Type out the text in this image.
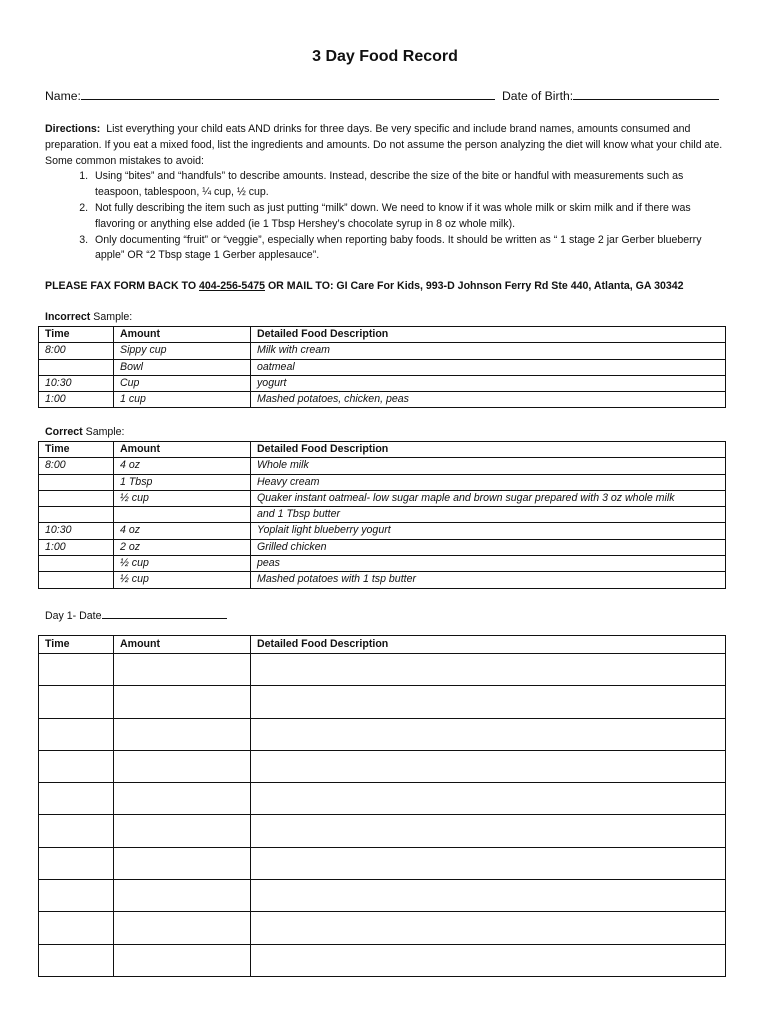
3 Day Food Record
Name:	Date of Birth:

Directions: List everything your child eats AND drinks for three days. Be very specific and include brand names, amounts consumed and preparation. If you eat a mixed food, list the ingredients and amounts. Do not assume the person analyzing the diet will know what your child ate. Some common mistakes to avoid:

1. Using “bites” and “handfuls” to describe amounts. Instead, describe the size of the bite or handful with measurements such as teaspoon, tablespoon, ¼ cup, ½ cup.
2. Not fully describing the item such as just putting “milk” down. We need to know if it was whole milk or skim milk and if there was flavoring or anything else added (ie 1 Tbsp Hershey’s chocolate syrup in 8 oz whole milk).
3. Only documenting “fruit” or “veggie”, especially when reporting baby foods. It should be written as “ 1 stage 2 jar Gerber blueberry apple” OR “2 Tbsp stage 1 Gerber applesauce”.
PLEASE FAX FORM BACK TO 404-256-5475 OR MAIL TO: GI Care For Kids, 993-D Johnson Ferry Rd Ste 440, Atlanta, GA 30342
Incorrect Sample:
Time	Amount	Detailed Food Description
8:00	Sippy cup	Milk with cream
	Bowl	oatmeal
10:30	Cup	yogurt
1:00	1 cup	Mashed potatoes, chicken, peas
Correct Sample:
Time	Amount	Detailed Food Description
8:00	4 oz	Whole milk
	1 Tbsp	Heavy cream
	½ cup	Quaker instant oatmeal- low sugar maple and brown sugar prepared with 3 oz whole milk
		and 1 Tbsp butter
10:30	4 oz	Yoplait light blueberry yogurt
1:00	2 oz	Grilled chicken
	½ cup	peas
	½ cup	Mashed potatoes with 1 tsp butter
Day 1- Date
Time	Amount	Detailed Food Description
